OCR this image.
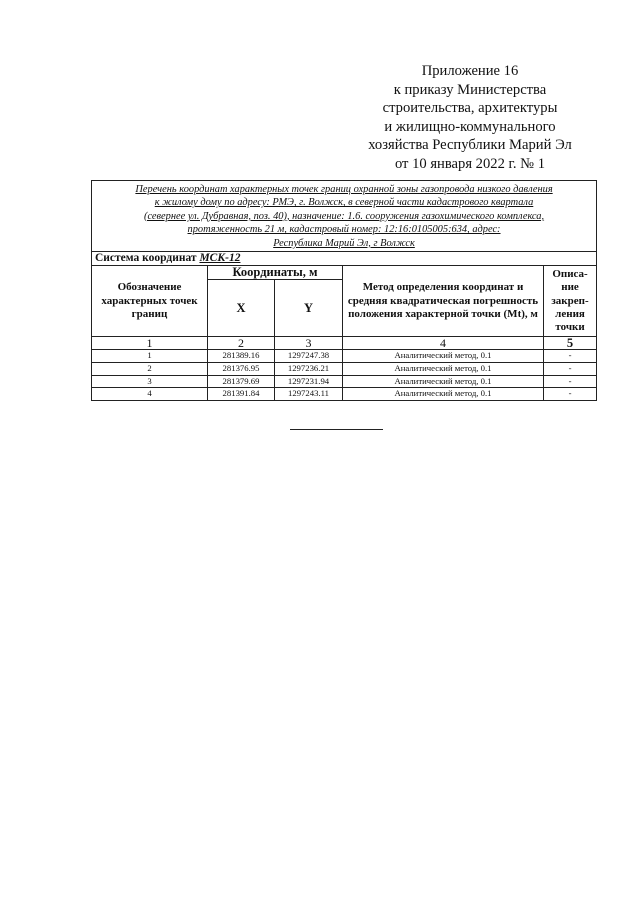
Приложение 16
к приказу Министерства
строительства, архитектуры
и жилищно-коммунального
хозяйства Республики Марий Эл
от 10 января 2022 г. № 1
Перечень координат характерных точек границ охранной зоны газопровода низкого давления
к жилому дому по адресу: РМЭ, г. Волжск, в северной части кадастрового квартала
(севернее ул. Дубравная, поз. 40), назначение: 1.6. сооружения газохимического комплекса,
протяженность 21 м, кадастровый номер: 12:16:0105005:634, адрес:
Республика Марий Эл, г Волжск				

Система координат МСК-12				
Обозначение характерных точек границ	Координаты, м		Метод определения координат и средняя квадратическая погрешность положения характерной точки (Mt), м	Описа-ние закреп-ления точки
	X	Y		
1	2	3	4	5
1	281389.16	1297247.38	Аналитический метод, 0.1	-
2	281376.95	1297236.21	Аналитический метод, 0.1	-
3	281379.69	1297231.94	Аналитический метод, 0.1	-
4	281391.84	1297243.11	Аналитический метод, 0.1	-
